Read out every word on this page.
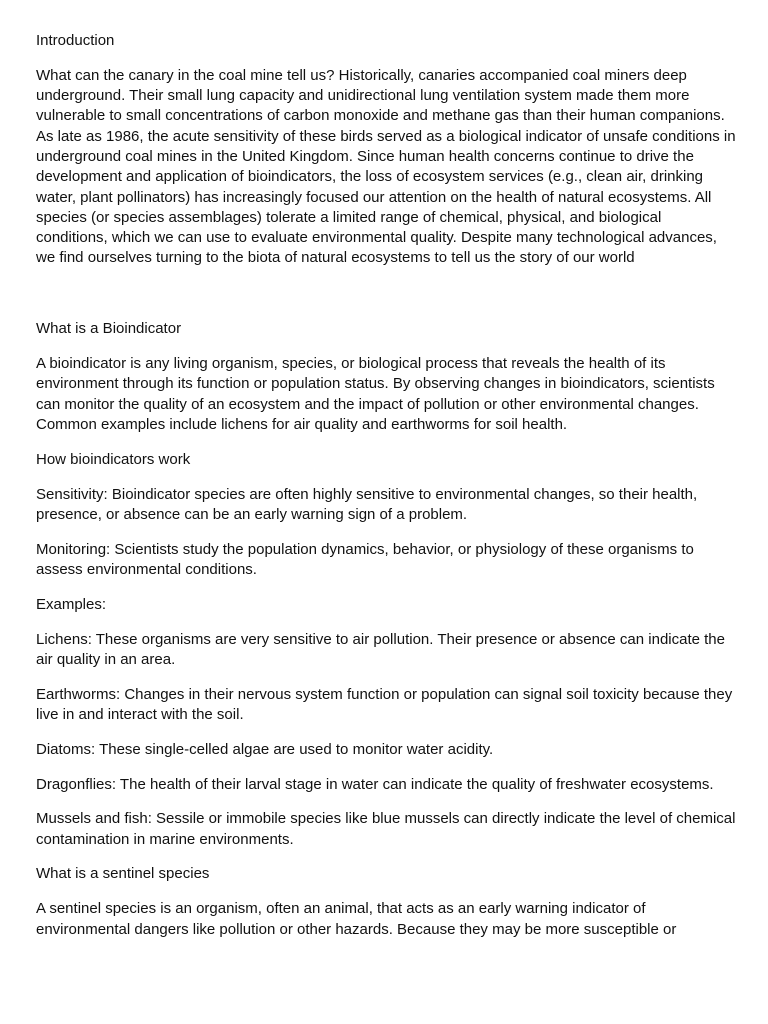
Introduction

What can the canary in the coal mine tell us? Historically, canaries accompanied coal miners deep underground. Their small lung capacity and unidirectional lung ventilation system made them more vulnerable to small concentrations of carbon monoxide and methane gas than their human companions. As late as 1986, the acute sensitivity of these birds served as a biological indicator of unsafe conditions in underground coal mines in the United Kingdom. Since human health concerns continue to drive the development and application of bioindicators, the loss of ecosystem services (e.g., clean air, drinking water, plant pollinators) has increasingly focused our attention on the health of natural ecosystems. All species (or species assemblages) tolerate a limited range of chemical, physical, and biological conditions, which we can use to evaluate environmental quality. Despite many technological advances, we find ourselves turning to the biota of natural ecosystems to tell us the story of our world

What is a Bioindicator

A bioindicator is any living organism, species, or biological process that reveals the health of its environment through its function or population status. By observing changes in bioindicators, scientists can monitor the quality of an ecosystem and the impact of pollution or other environmental changes. Common examples include lichens for air quality and earthworms for soil health.

How bioindicators work

Sensitivity: Bioindicator species are often highly sensitive to environmental changes, so their health, presence, or absence can be an early warning sign of a problem.

Monitoring: Scientists study the population dynamics, behavior, or physiology of these organisms to assess environmental conditions.

Examples:

Lichens: These organisms are very sensitive to air pollution. Their presence or absence can indicate the air quality in an area.

Earthworms: Changes in their nervous system function or population can signal soil toxicity because they live in and interact with the soil.

Diatoms: These single-celled algae are used to monitor water acidity.

Dragonflies: The health of their larval stage in water can indicate the quality of freshwater ecosystems.

Mussels and fish: Sessile or immobile species like blue mussels can directly indicate the level of chemical contamination in marine environments.

What is a sentinel species

A sentinel species is an organism, often an animal, that acts as an early warning indicator of environmental dangers like pollution or other hazards. Because they may be more susceptible or
